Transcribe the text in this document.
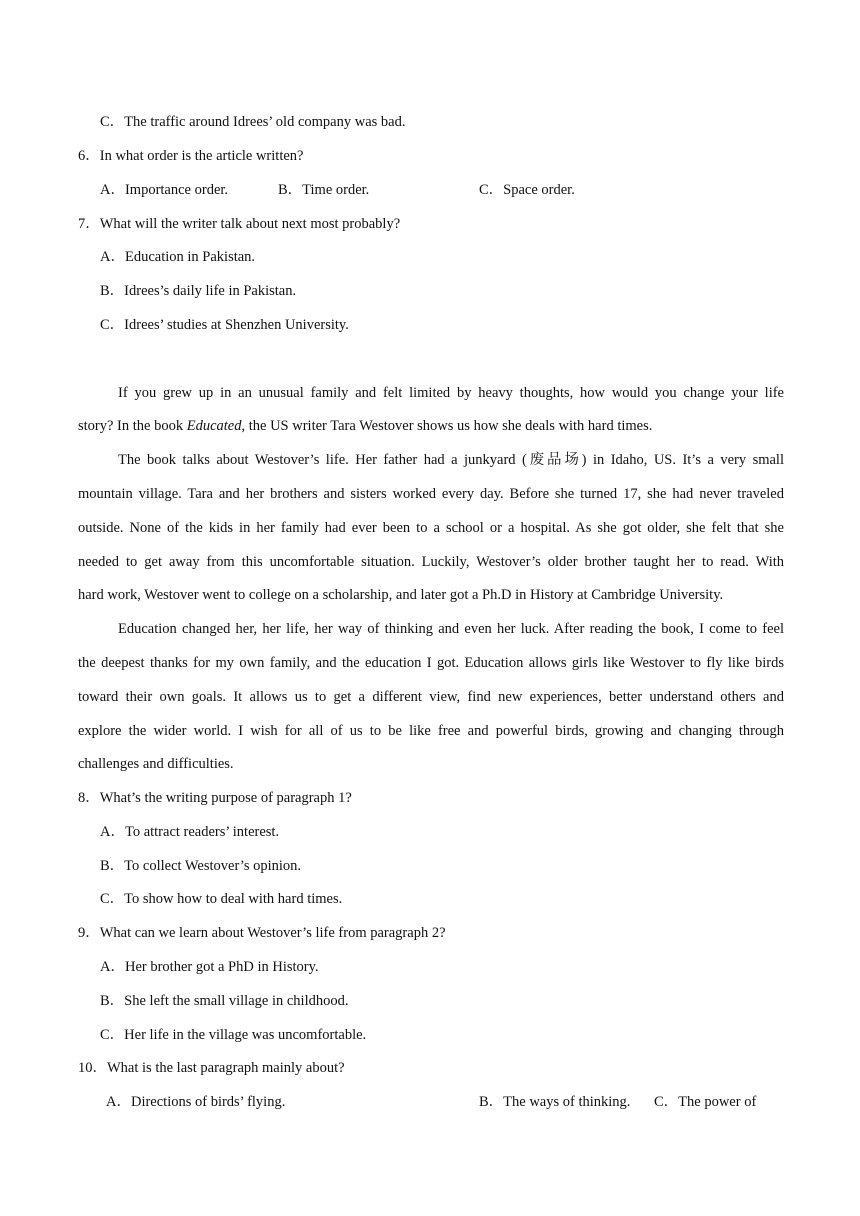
C．The traffic around Idrees’ old company was bad.
6．In what order is the article written?
A．Importance order.	B．Time order.	C．Space order.
7．What will the writer talk about next most probably?
A．Education in Pakistan.
B．Idrees’s daily life in Pakistan.
C．Idrees’ studies at Shenzhen University.
If you grew up in an unusual family and felt limited by heavy thoughts, how would you change your life
story? In the book Educated, the US writer Tara Westover shows us how she deals with hard times.
The book talks about Westover’s life. Her father had a junkyard (废品场) in Idaho, US. It’s a very small
mountain village. Tara and her brothers and sisters worked every day. Before she turned 17, she had never traveled
outside. None of the kids in her family had ever been to a school or a hospital. As she got older, she felt that she
needed to get away from this uncomfortable situation. Luckily, Westover’s older brother taught her to read. With
hard work, Westover went to college on a scholarship, and later got a Ph.D in History at Cambridge University.
Education changed her, her life, her way of thinking and even her luck. After reading the book, I come to feel
the deepest thanks for my own family, and the education I got. Education allows girls like Westover to fly like birds
toward their own goals. It allows us to get a different view, find new experiences, better understand others and
explore the wider world. I wish for all of us to be like free and powerful birds, growing and changing through
challenges and difficulties.
8．What’s the writing purpose of paragraph 1?
A．To attract readers’ interest.
B．To collect Westover’s opinion.
C．To show how to deal with hard times.
9．What can we learn about Westover’s life from paragraph 2?
A．Her brother got a PhD in History.
B．She left the small village in childhood.
C．Her life in the village was uncomfortable.
10．What is the last paragraph mainly about?
A．Directions of birds’ flying.	B．The ways of thinking. C．The power of
